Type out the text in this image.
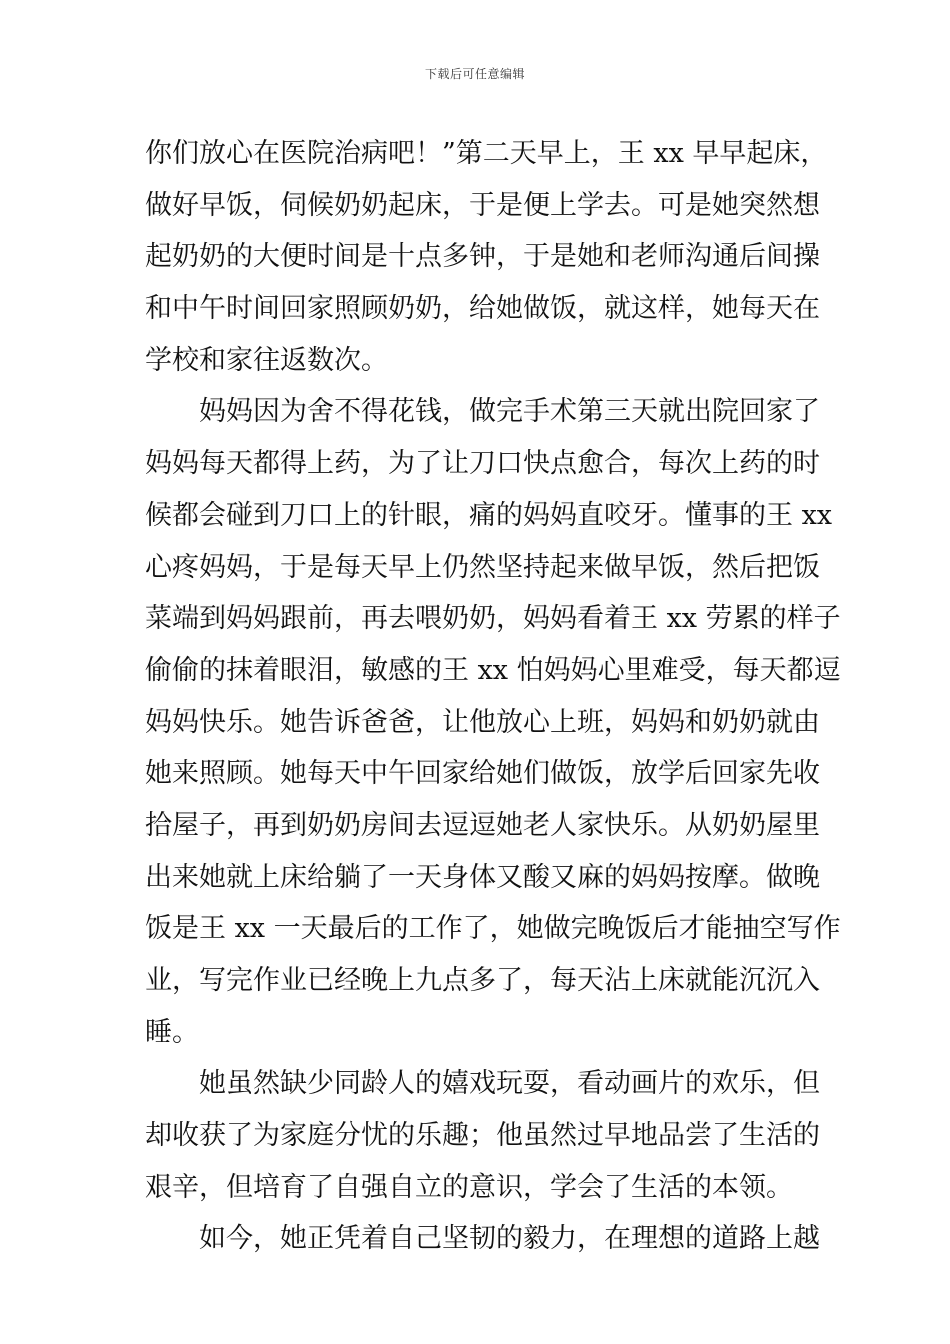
下载后可任意编辑
你们放心在医院治病吧！”第二天早上，王 xx 早早起床，
做好早饭，伺候奶奶起床，于是便上学去。可是她突然想
起奶奶的大便时间是十点多钟，于是她和老师沟通后间操
和中午时间回家照顾奶奶，给她做饭，就这样，她每天在
学校和家往返数次。
妈妈因为舍不得花钱，做完手术第三天就出院回家了
妈妈每天都得上药，为了让刀口快点愈合，每次上药的时
候都会碰到刀口上的针眼，痛的妈妈直咬牙。懂事的王 xx
心疼妈妈，于是每天早上仍然坚持起来做早饭，然后把饭
菜端到妈妈跟前，再去喂奶奶，妈妈看着王 xx 劳累的样子
偷偷的抹着眼泪，敏感的王 xx 怕妈妈心里难受，每天都逗
妈妈快乐。她告诉爸爸，让他放心上班，妈妈和奶奶就由
她来照顾。她每天中午回家给她们做饭，放学后回家先收
拾屋子，再到奶奶房间去逗逗她老人家快乐。从奶奶屋里
出来她就上床给躺了一天身体又酸又麻的妈妈按摩。做晚
饭是王 xx 一天最后的工作了，她做完晚饭后才能抽空写作
业，写完作业已经晚上九点多了，每天沾上床就能沉沉入
睡。
她虽然缺少同龄人的嬉戏玩耍，看动画片的欢乐，但
却收获了为家庭分忧的乐趣；他虽然过早地品尝了生活的
艰辛，但培育了自强自立的意识，学会了生活的本领。
如今，她正凭着自己坚韧的毅力，在理想的道路上越
